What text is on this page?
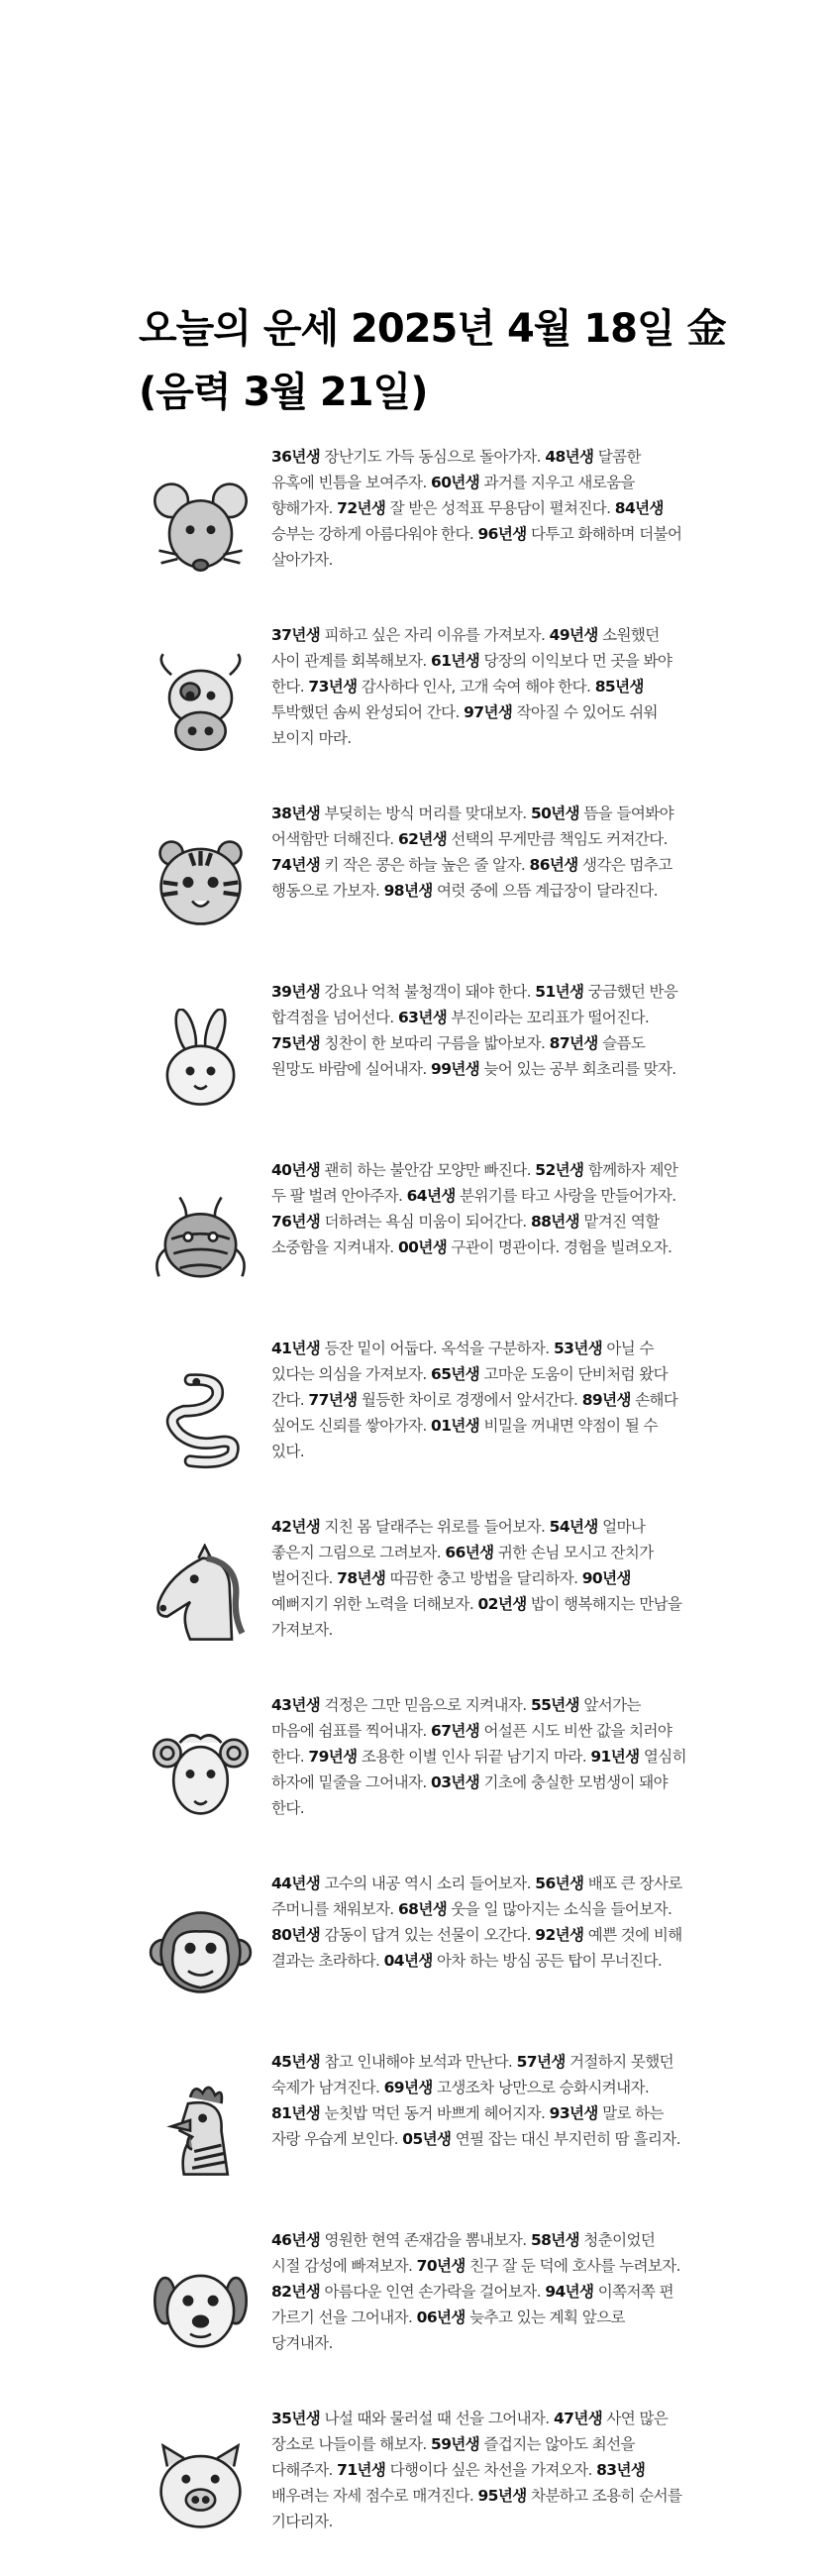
오늘의 운세 2025년 4월 18일 金(음력 3월 21일)

36년생 장난기도 가득 동심으로 돌아가자. 48년생 달콤한 유혹에 빈틈을 보여주자. 60년생 과거를 지우고 새로움을 향해가자. 72년생 잘 받은 성적표 무용담이 펼쳐진다. 84년생 승부는 강하게 아름다워야 한다. 96년생 다투고 화해하며 더불어 살아가자.

37년생 피하고 싶은 자리 이유를 가져보자. 49년생 소원했던 사이 관계를 회복해보자. 61년생 당장의 이익보다 먼 곳을 봐야 한다. 73년생 감사하다 인사, 고개 숙여 해야 한다. 85년생 투박했던 솜씨 완성되어 간다. 97년생 작아질 수 있어도 쉬워 보이지 마라.

38년생 부딪히는 방식 머리를 맞대보자. 50년생 뜸을 들여봐야 어색함만 더해진다. 62년생 선택의 무게만큼 책임도 커져간다. 74년생 키 작은 콩은 하늘 높은 줄 알자. 86년생 생각은 멈추고 행동으로 가보자. 98년생 여럿 중에 으뜸 계급장이 달라진다.

39년생 강요나 억척 불청객이 돼야 한다. 51년생 궁금했던 반응 합격점을 넘어선다. 63년생 부진이라는 꼬리표가 떨어진다. 75년생 칭찬이 한 보따리 구름을 밟아보자. 87년생 슬픔도 원망도 바람에 실어내자. 99년생 늦어 있는 공부 회초리를 맞자.

40년생 괜히 하는 불안감 모양만 빠진다. 52년생 함께하자 제안 두 팔 벌려 안아주자. 64년생 분위기를 타고 사랑을 만들어가자. 76년생 더하려는 욕심 미움이 되어간다. 88년생 맡겨진 역할 소중함을 지켜내자. 00년생 구관이 명관이다. 경험을 빌려오자.

41년생 등잔 밑이 어둡다. 옥석을 구분하자. 53년생 아닐 수 있다는 의심을 가져보자. 65년생 고마운 도움이 단비처럼 왔다 간다. 77년생 월등한 차이로 경쟁에서 앞서간다. 89년생 손해다 싶어도 신뢰를 쌓아가자. 01년생 비밀을 꺼내면 약점이 될 수 있다.

42년생 지친 몸 달래주는 위로를 들어보자. 54년생 얼마나 좋은지 그림으로 그려보자. 66년생 귀한 손님 모시고 잔치가 벌어진다. 78년생 따끔한 충고 방법을 달리하자. 90년생 예뻐지기 위한 노력을 더해보자. 02년생 밥이 행복해지는 만남을 가져보자.

43년생 걱정은 그만 믿음으로 지켜내자. 55년생 앞서가는 마음에 쉼표를 찍어내자. 67년생 어설픈 시도 비싼 값을 치러야 한다. 79년생 조용한 이별 인사 뒤끝 남기지 마라. 91년생 열심히 하자에 밑줄을 그어내자. 03년생 기초에 충실한 모범생이 돼야 한다.

44년생 고수의 내공 역시 소리 들어보자. 56년생 배포 큰 장사로 주머니를 채워보자. 68년생 웃을 일 많아지는 소식을 들어보자. 80년생 감동이 답겨 있는 선물이 오간다. 92년생 예쁜 것에 비해 결과는 초라하다. 04년생 아차 하는 방심 공든 탑이 무너진다.

45년생 참고 인내해야 보석과 만난다. 57년생 거절하지 못했던 숙제가 남겨진다. 69년생 고생조차 낭만으로 승화시켜내자. 81년생 눈칫밥 먹던 동거 바쁘게 헤어지자. 93년생 말로 하는 자랑 우습게 보인다. 05년생 연필 잡는 대신 부지런히 땀 흘리자.

46년생 영원한 현역 존재감을 뽐내보자. 58년생 청춘이었던 시절 감성에 빠져보자. 70년생 친구 잘 둔 덕에 호사를 누려보자. 82년생 아름다운 인연 손가락을 걸어보자. 94년생 이쪽저쪽 편 가르기 선을 그어내자. 06년생 늦추고 있는 계획 앞으로 당겨내자.

35년생 나설 때와 물러설 때 선을 그어내자. 47년생 사연 많은 장소로 나들이를 해보자. 59년생 즐겁지는 않아도 최선을 다해주자. 71년생 다행이다 싶은 차선을 가져오자. 83년생 배우려는 자세 점수로 매겨진다. 95년생 차분하고 조용히 순서를 기다리자.
